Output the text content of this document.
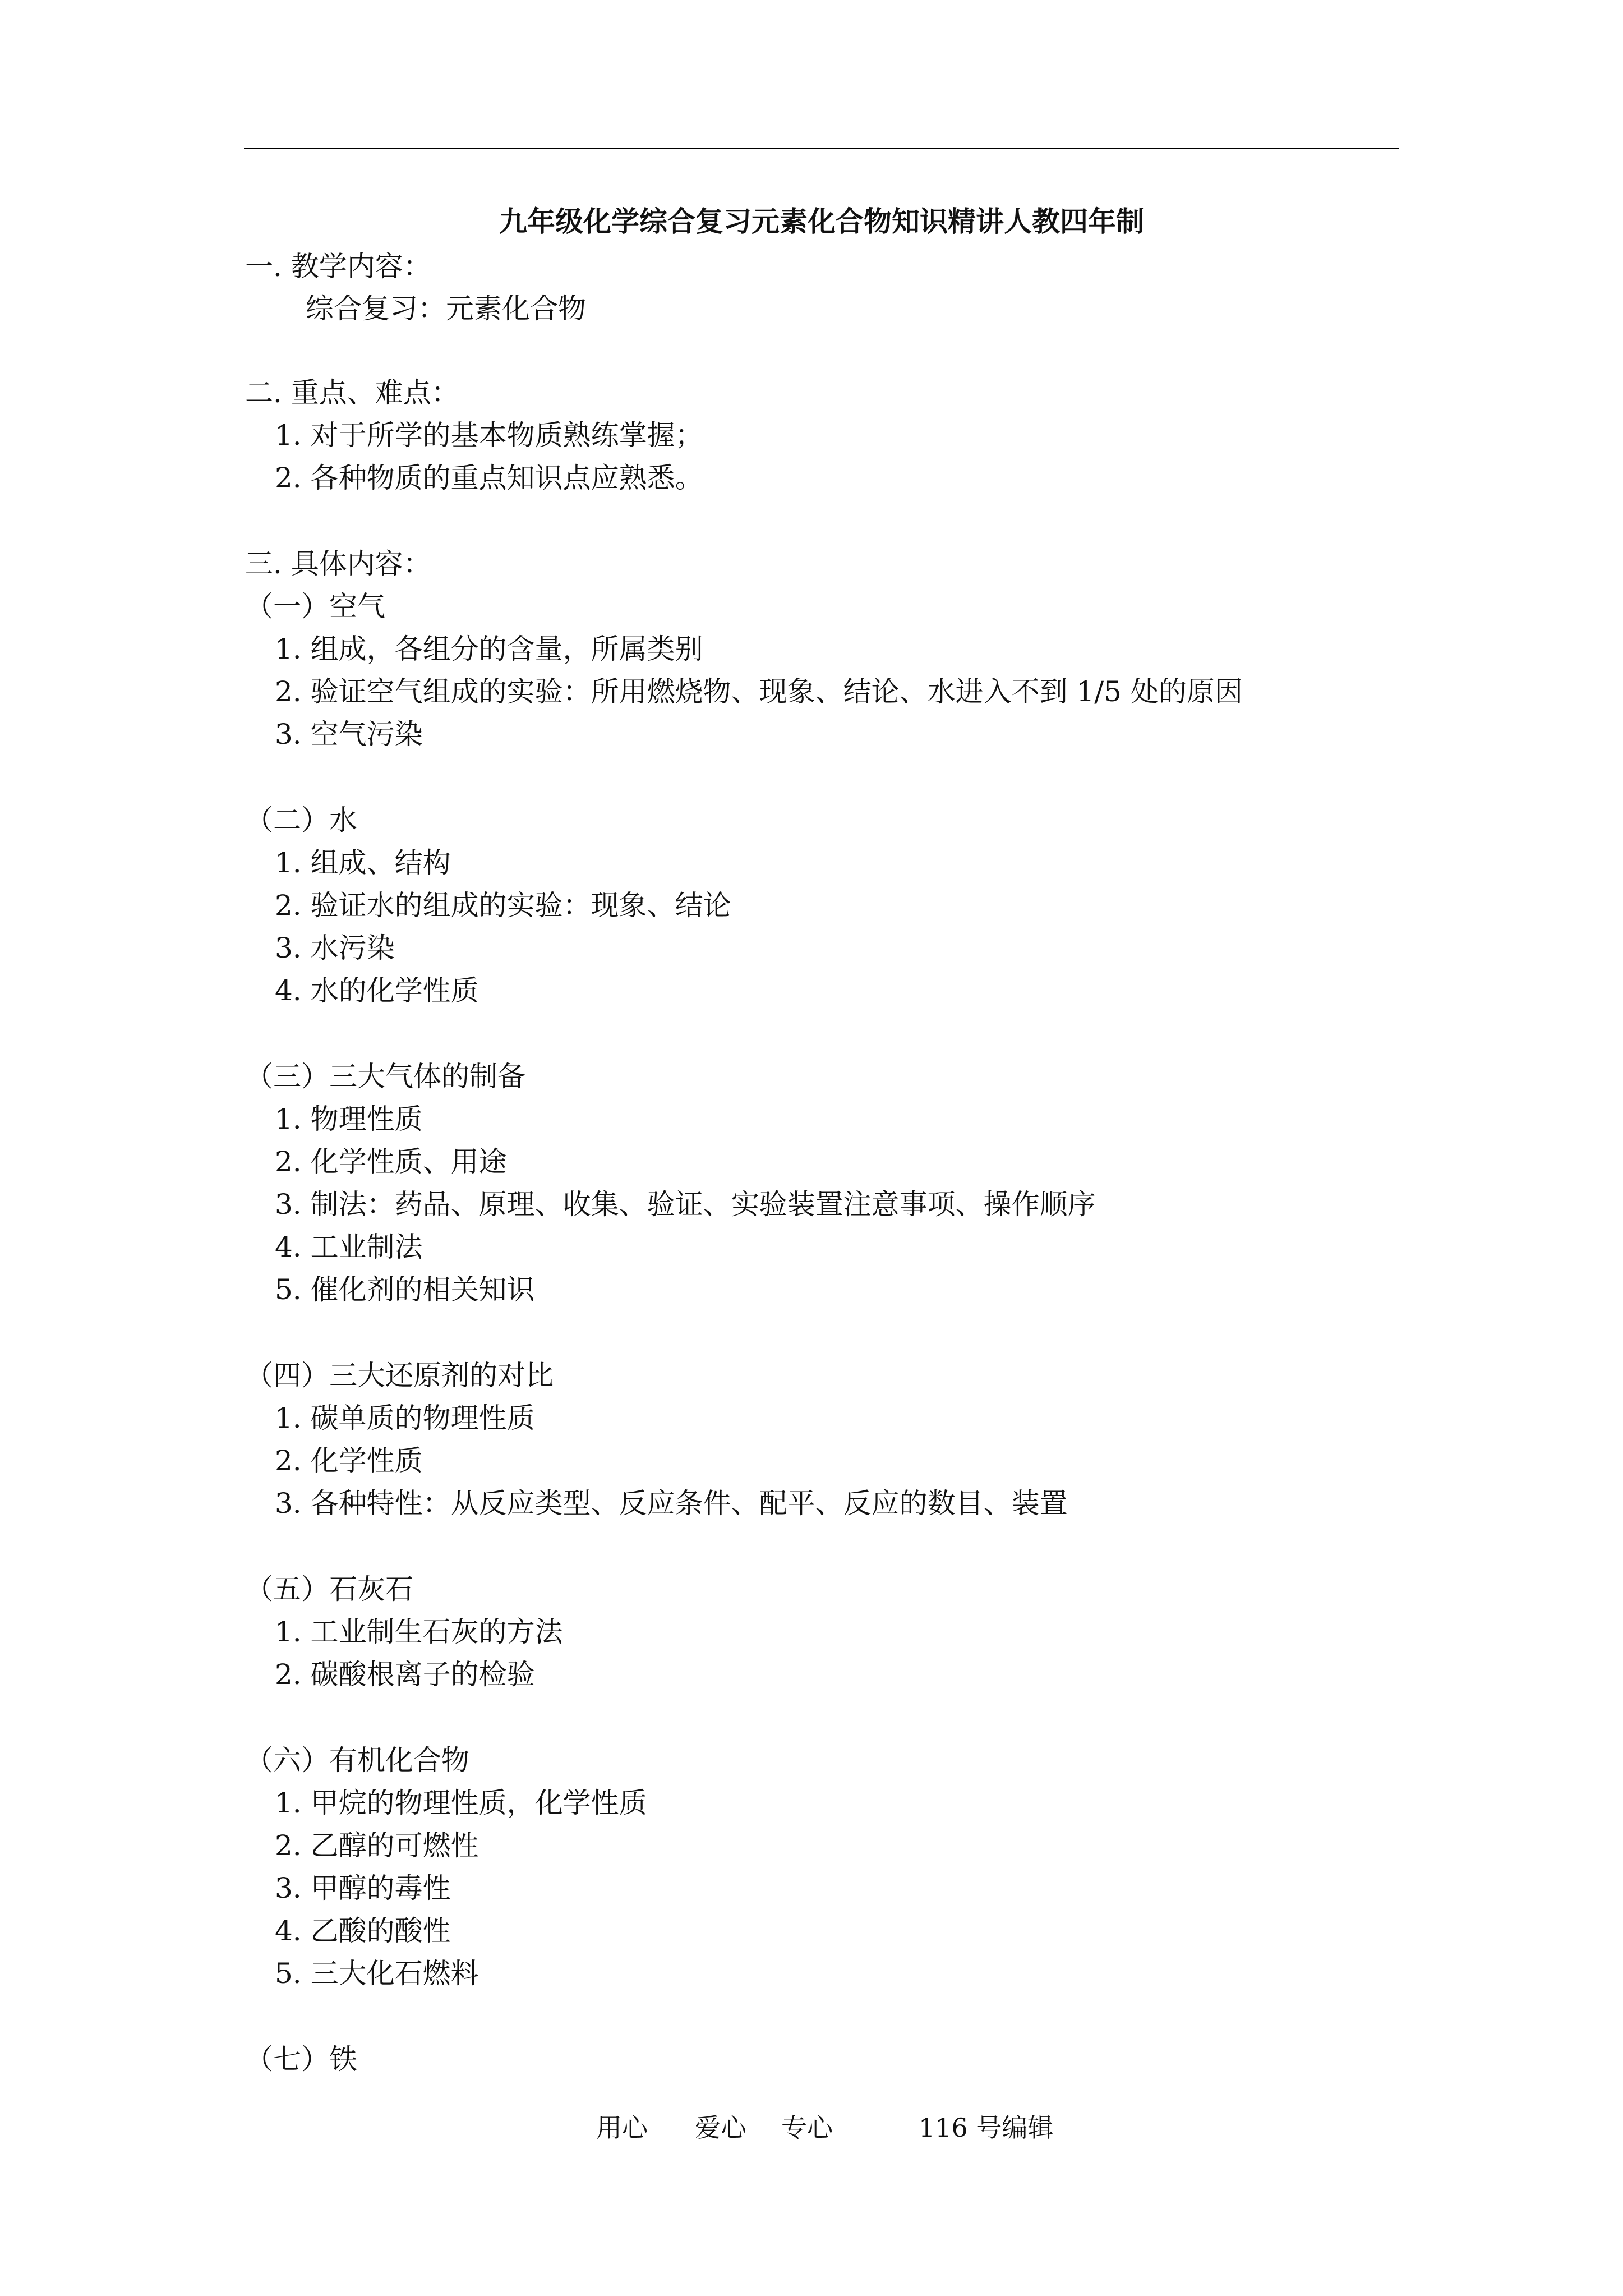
九年级化学综合复习元素化合物知识精讲人教四年制
一. 教学内容：
综合复习：元素化合物
二. 重点、难点：
1. 对于所学的基本物质熟练掌握；
2. 各种物质的重点知识点应熟悉。
三. 具体内容：
（一）空气
1. 组成，各组分的含量，所属类别
2. 验证空气组成的实验：所用燃烧物、现象、结论、水进入不到 1/5 处的原因
3. 空气污染
（二）水
1. 组成、结构
2. 验证水的组成的实验：现象、结论
3. 水污染
4. 水的化学性质
（三）三大气体的制备
1. 物理性质
2. 化学性质、用途
3. 制法：药品、原理、收集、验证、实验装置注意事项、操作顺序
4. 工业制法
5. 催化剂的相关知识
（四）三大还原剂的对比
1. 碳单质的物理性质
2. 化学性质
3. 各种特性：从反应类型、反应条件、配平、反应的数目、装置
（五）石灰石
1. 工业制生石灰的方法
2. 碳酸根离子的检验
（六）有机化合物
1. 甲烷的物理性质，化学性质
2. 乙醇的可燃性
3. 甲醇的毒性
4. 乙酸的酸性
5. 三大化石燃料
（七）铁
用心 爱心 专心	116 号编辑
